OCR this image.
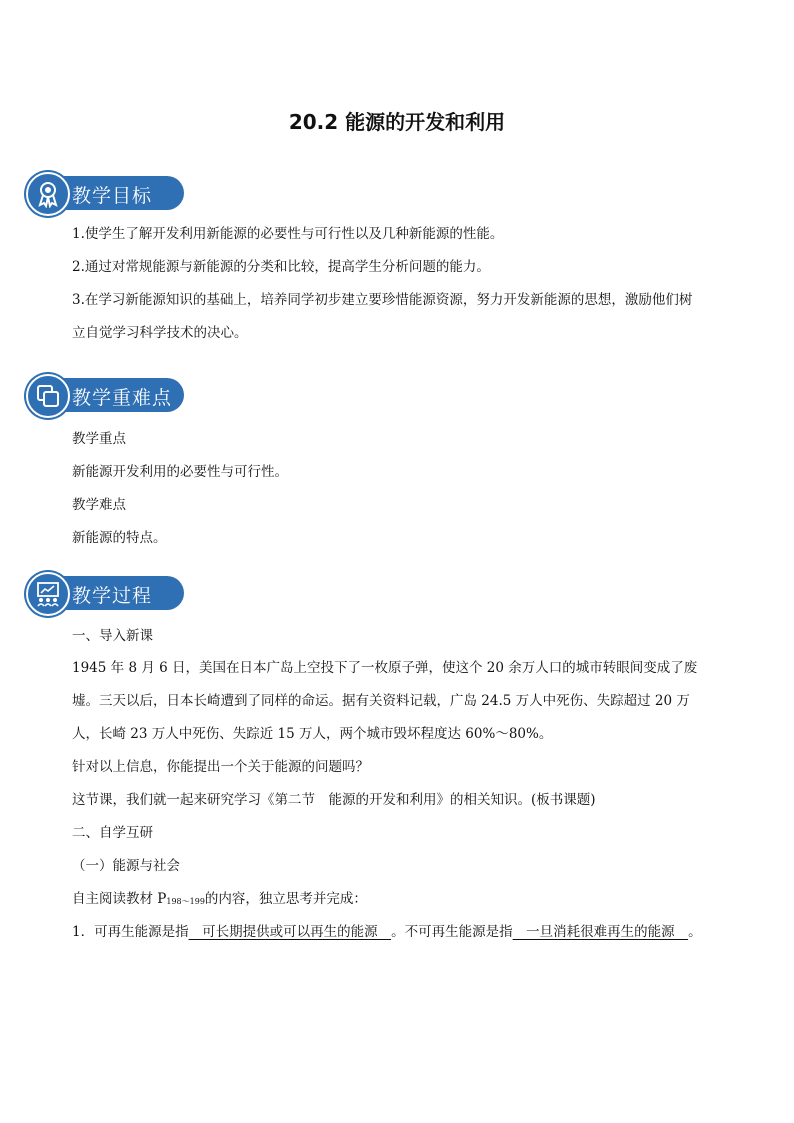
20.2 能源的开发和利用
教学目标
1.使学生了解开发利用新能源的必要性与可行性以及几种新能源的性能。
2.通过对常规能源与新能源的分类和比较，提高学生分析问题的能力。
3.在学习新能源知识的基础上，培养同学初步建立要珍惜能源资源，努力开发新能源的思想，激励他们树
立自觉学习科学技术的决心。
教学重难点
教学重点
新能源开发利用的必要性与可行性。
教学难点
新能源的特点。
教学过程
一、导入新课
1945 年 8 月 6 日，美国在日本广岛上空投下了一枚原子弹，使这个 20 余万人口的城市转眼间变成了废
墟。三天以后，日本长崎遭到了同样的命运。据有关资料记载，广岛 24.5 万人中死伤、失踪超过 20 万
人，长崎 23 万人中死伤、失踪近 15 万人，两个城市毁坏程度达 60%～80%。
针对以上信息，你能提出一个关于能源的问题吗？
这节课，我们就一起来研究学习《第二节　能源的开发和利用》的相关知识。(板书课题)
二、自学互研
（一）能源与社会
自主阅读教材 $P_{198\sim 199}$的内容，独立思考并完成：
1．可再生能源是指　可长期提供或可以再生的能源　。不可再生能源是指　一旦消耗很难再生的能源　。
